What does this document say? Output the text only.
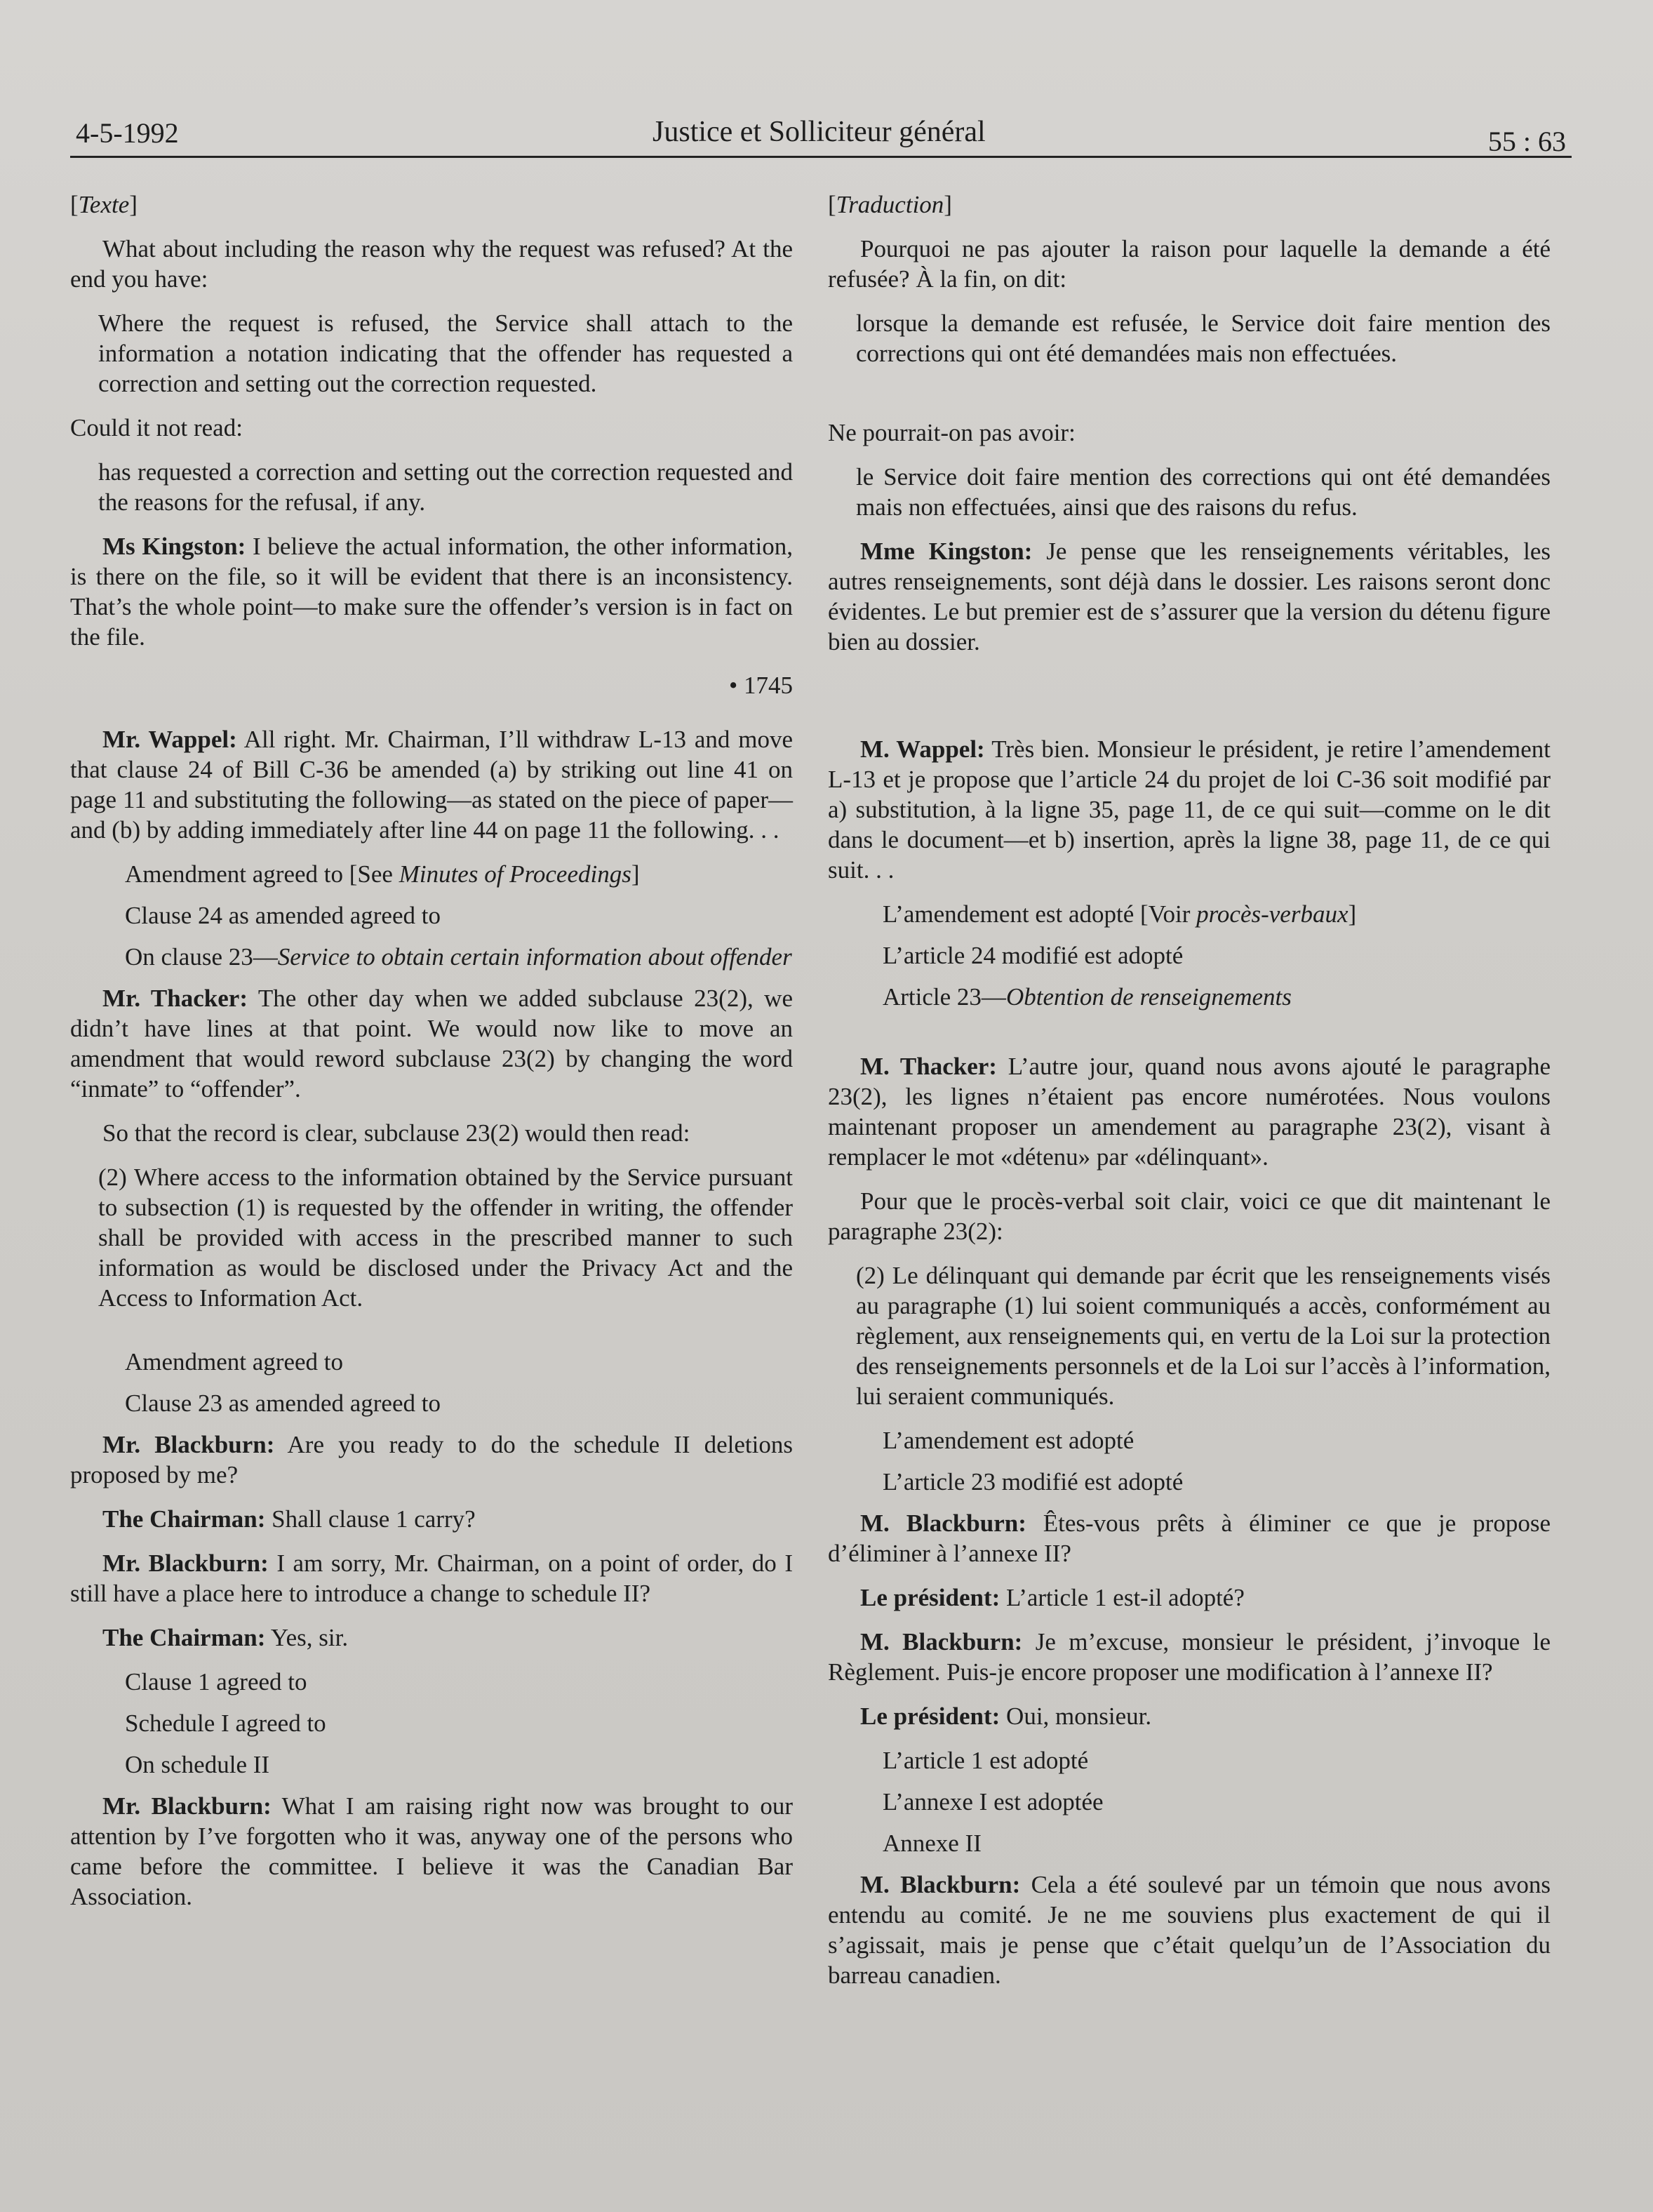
4-5-1992	Justice et Solliciteur général	55 : 63

[Texte]

What about including the reason why the request was refused? At the end you have:

Where the request is refused, the Service shall attach to the information a notation indicating that the offender has requested a correction and setting out the correction requested.

Could it not read:

has requested a correction and setting out the correction requested and the reasons for the refusal, if any.

Ms Kingston: I believe the actual information, the other information, is there on the file, so it will be evident that there is an inconsistency. That’s the whole point—to make sure the offender’s version is in fact on the file.

• 1745

Mr. Wappel: All right. Mr. Chairman, I’ll withdraw L-13 and move that clause 24 of Bill C-36 be amended (a) by striking out line 41 on page 11 and substituting the following—as stated on the piece of paper—and (b) by adding immediately after line 44 on page 11 the following. . .

Amendment agreed to [See Minutes of Proceedings]

Clause 24 as amended agreed to

On clause 23—Service to obtain certain information about offender

Mr. Thacker: The other day when we added subclause 23(2), we didn’t have lines at that point. We would now like to move an amendment that would reword subclause 23(2) by changing the word “inmate” to “offender”.

So that the record is clear, subclause 23(2) would then read:

(2) Where access to the information obtained by the Service pursuant to subsection (1) is requested by the offender in writing, the offender shall be provided with access in the prescribed manner to such information as would be disclosed under the Privacy Act and the Access to Information Act.

Amendment agreed to

Clause 23 as amended agreed to

Mr. Blackburn: Are you ready to do the schedule II deletions proposed by me?

The Chairman: Shall clause 1 carry?

Mr. Blackburn: I am sorry, Mr. Chairman, on a point of order, do I still have a place here to introduce a change to schedule II?

The Chairman: Yes, sir.

Clause 1 agreed to

Schedule I agreed to

On schedule II

Mr. Blackburn: What I am raising right now was brought to our attention by I’ve forgotten who it was, anyway one of the persons who came before the committee. I believe it was the Canadian Bar Association.

[Traduction]

Pourquoi ne pas ajouter la raison pour laquelle la demande a été refusée? À la fin, on dit:

lorsque la demande est refusée, le Service doit faire mention des corrections qui ont été demandées mais non effectuées.

Ne pourrait-on pas avoir:

le Service doit faire mention des corrections qui ont été demandées mais non effectuées, ainsi que des raisons du refus.

Mme Kingston: Je pense que les renseignements véritables, les autres renseignements, sont déjà dans le dossier. Les raisons seront donc évidentes. Le but premier est de s’assurer que la version du détenu figure bien au dossier.

M. Wappel: Très bien. Monsieur le président, je retire l’amendement L-13 et je propose que l’article 24 du projet de loi C-36 soit modifié par a) substitution, à la ligne 35, page 11, de ce qui suit—comme on le dit dans le document—et b) insertion, après la ligne 38, page 11, de ce qui suit. . .

L’amendement est adopté [Voir procès-verbaux]

L’article 24 modifié est adopté

Article 23—Obtention de renseignements

M. Thacker: L’autre jour, quand nous avons ajouté le paragraphe 23(2), les lignes n’étaient pas encore numérotées. Nous voulons maintenant proposer un amendement au paragraphe 23(2), visant à remplacer le mot «détenu» par «délinquant».

Pour que le procès-verbal soit clair, voici ce que dit maintenant le paragraphe 23(2):

(2) Le délinquant qui demande par écrit que les renseignements visés au paragraphe (1) lui soient communiqués a accès, conformément au règlement, aux renseignements qui, en vertu de la Loi sur la protection des renseignements personnels et de la Loi sur l’accès à l’information, lui seraient communiqués.

L’amendement est adopté

L’article 23 modifié est adopté

M. Blackburn: Êtes-vous prêts à éliminer ce que je propose d’éliminer à l’annexe II?

Le président: L’article 1 est-il adopté?

M. Blackburn: Je m’excuse, monsieur le président, j’invoque le Règlement. Puis-je encore proposer une modification à l’annexe II?

Le président: Oui, monsieur.

L’article 1 est adopté

L’annexe I est adoptée

Annexe II

M. Blackburn: Cela a été soulevé par un témoin que nous avons entendu au comité. Je ne me souviens plus exactement de qui il s’agissait, mais je pense que c’était quelqu’un de l’Association du barreau canadien.
